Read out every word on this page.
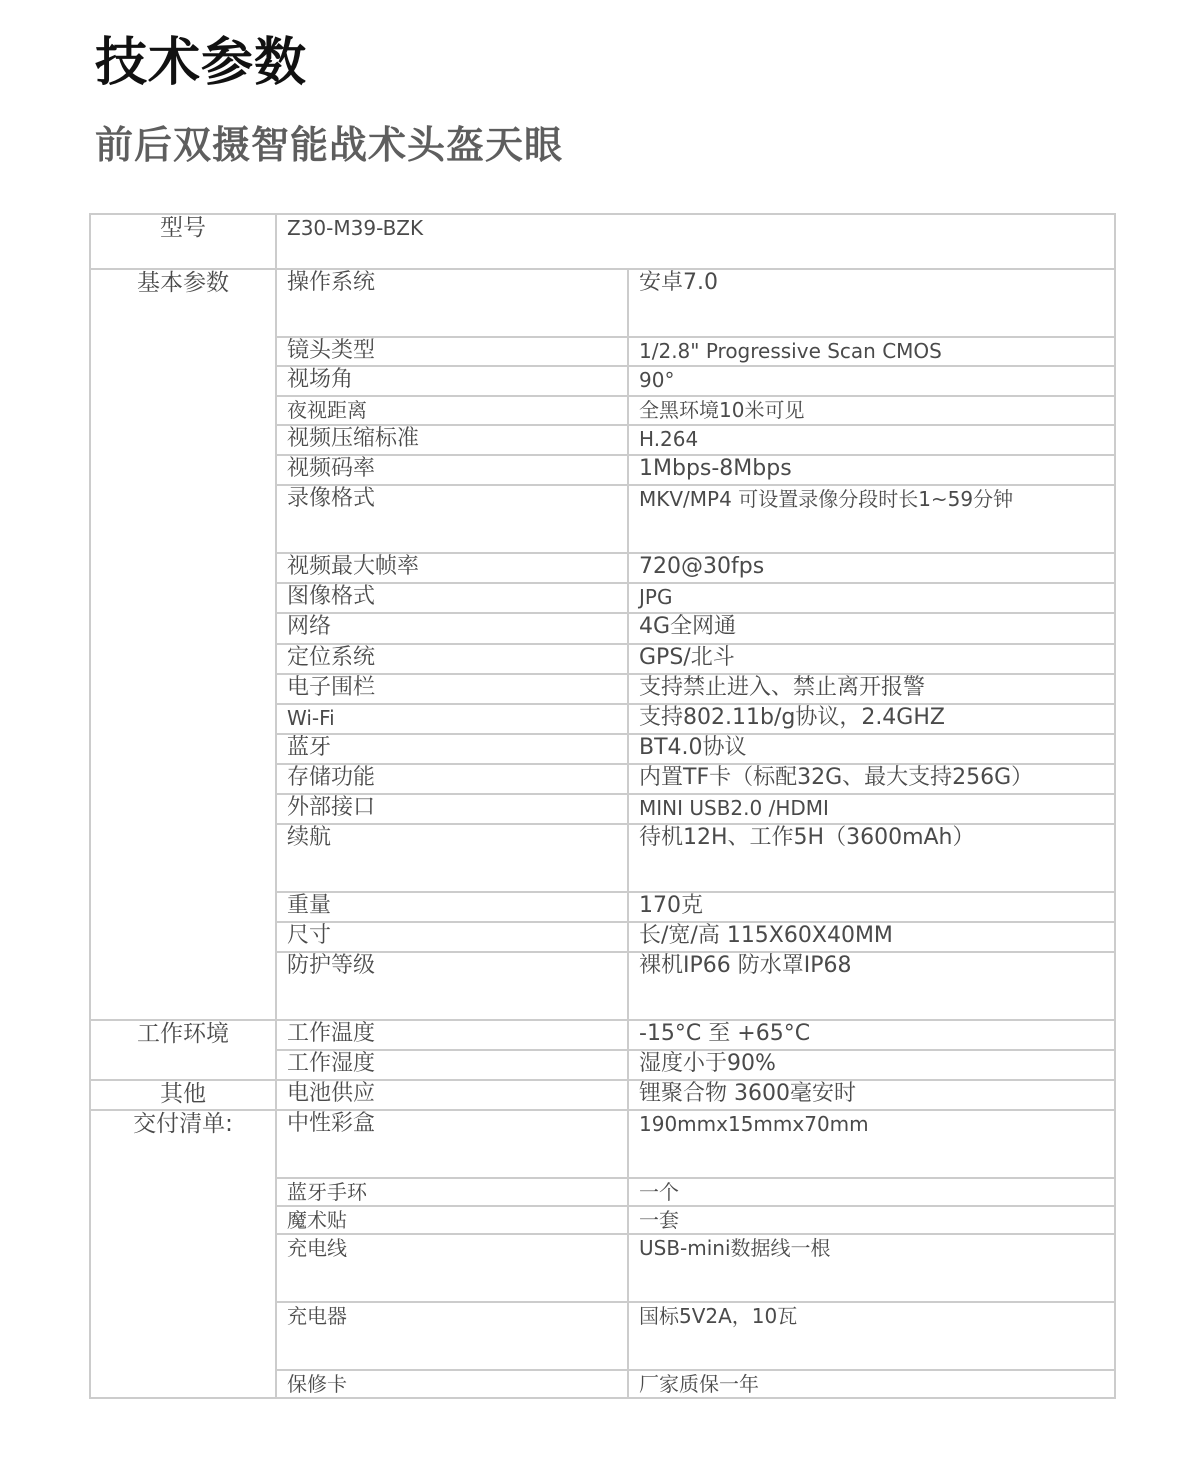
技术参数
前后双摄智能战术头盔天眼
型号	Z30-M39-BZK	
基本参数	操作系统	安卓7.0
	镜头类型	1/2.8" Progressive Scan CMOS
	视场角	90°
	夜视距离	全黑环境10米可见
	视频压缩标准	H.264
	视频码率	1Mbps-8Mbps
	录像格式	MKV/MP4 可设置录像分段时长1~59分钟
	视频最大帧率	720@30fps
	图像格式	JPG
	网络	4G全网通
	定位系统	GPS/北斗
	电子围栏	支持禁止进入、禁止离开报警
	Wi-Fi	支持802.11b/g协议，2.4GHZ
	蓝牙	BT4.0协议
	存储功能	内置TF卡（标配32G、最大支持256G）
	外部接口	MINI USB2.0 /HDMI
	续航	待机12H、工作5H（3600mAh）
	重量	170克
	尺寸	长/宽/高 115X60X40MM
	防护等级	裸机IP66 防水罩IP68
工作环境	工作温度	-15°C 至 +65°C
	工作湿度	湿度小于90%
其他	电池供应	锂聚合物 3600毫安时
交付清单:	中性彩盒	190mmx15mmx70mm
	蓝牙手环	一个
	魔术贴	一套
	充电线	USB-mini数据线一根
	充电器	国标5V2A，10瓦
	保修卡	厂家质保一年
